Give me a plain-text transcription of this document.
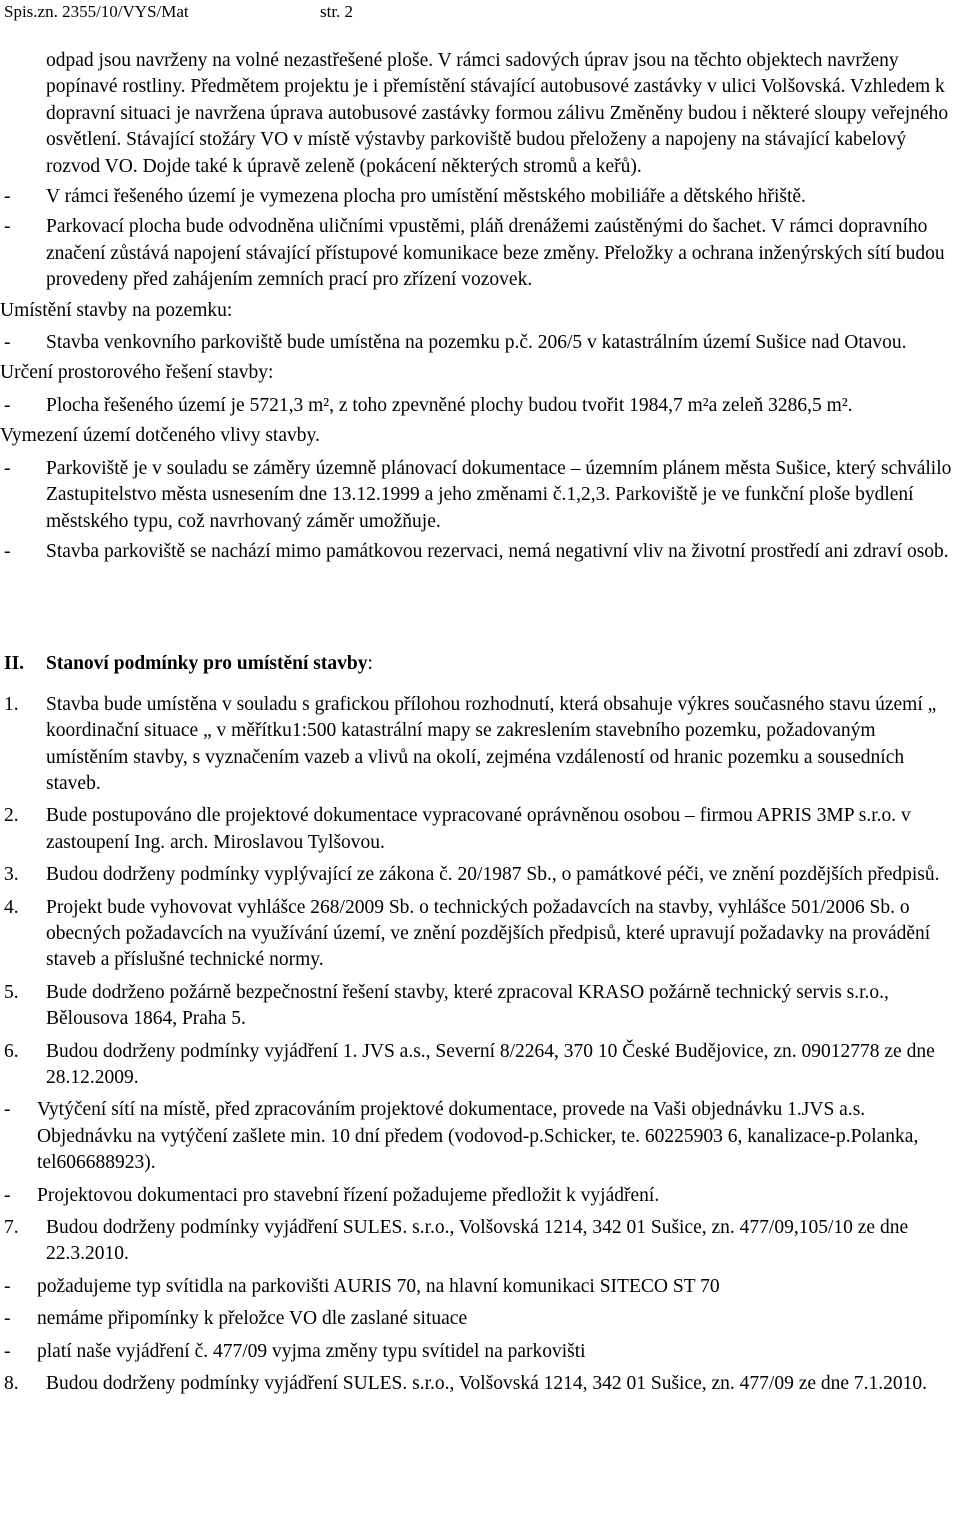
Spis.zn. 2355/10/VYS/Mat	str. 2

odpad jsou navrženy na volné nezastřešené ploše. V rámci sadových úprav jsou na těchto objektech navrženy popínavé rostliny. Předmětem projektu je i přemístění stávající autobusové zastávky v ulici Volšovská. Vzhledem k dopravní situaci je navržena úprava autobusové zastávky formou zálivu Změněny budou i některé sloupy veřejného osvětlení. Stávající stožáry VO v místě výstavby parkoviště budou přeloženy a napojeny na stávající kabelový rozvod VO. Dojde také k úpravě zeleně (pokácení některých stromů a keřů).

- V rámci řešeného území je vymezena plocha pro umístění městského mobiliáře a dětského hřiště.
- Parkovací plocha bude odvodněna uličními vpustěmi, pláň drenážemi zaústěnými do šachet. V rámci dopravního značení zůstává napojení stávající přístupové komunikace beze změny. Přeložky a ochrana inženýrských sítí budou provedeny před zahájením zemních prací pro zřízení vozovek.

Umístění stavby na pozemku:

- Stavba venkovního parkoviště bude umístěna na pozemku p.č. 206/5 v katastrálním území Sušice nad Otavou.

Určení prostorového řešení stavby:

- Plocha řešeného území je 5721,3 m², z toho zpevněné plochy budou tvořit 1984,7 m²a zeleň 3286,5 m².

Vymezení území dotčeného vlivy stavby.

- Parkoviště je v souladu se záměry územně plánovací dokumentace – územním plánem města Sušice, který schválilo Zastupitelstvo města usnesením dne 13.12.1999 a jeho změnami č.1,2,3. Parkoviště je ve funkční ploše bydlení městského typu, což navrhovaný záměr umožňuje.
- Stavba parkoviště se nachází mimo památkovou rezervaci, nemá negativní vliv na životní prostředí ani zdraví osob.
II. Stanoví podmínky pro umístění stavby:
1. Stavba bude umístěna v souladu s grafickou přílohou rozhodnutí, která obsahuje výkres současného stavu území „ koordinační situace „ v měřítku1:500 katastrální mapy se zakreslením stavebního pozemku, požadovaným umístěním stavby, s vyznačením vazeb a vlivů na okolí, zejména vzdáleností od hranic pozemku a sousedních staveb.
2. Bude postupováno dle projektové dokumentace vypracované oprávněnou osobou – firmou APRIS 3MP s.r.o. v zastoupení Ing. arch. Miroslavou Tylšovou.
3. Budou dodrženy podmínky vyplývající ze zákona č. 20/1987 Sb., o památkové péči, ve znění pozdějších předpisů.
4. Projekt bude vyhovovat vyhlášce 268/2009 Sb. o technických požadavcích na stavby, vyhlášce 501/2006 Sb. o obecných požadavcích na využívání území, ve znění pozdějších předpisů, které upravují požadavky na provádění staveb a příslušné technické normy.
5. Bude dodrženo požárně bezpečnostní řešení stavby, které zpracoval KRASO požárně technický servis s.r.o., Bělousova 1864, Praha 5.
6. Budou dodrženy podmínky vyjádření 1. JVS a.s., Severní 8/2264, 370 10 České Budějovice, zn. 09012778 ze dne 28.12.2009.
- Vytýčení sítí na místě, před zpracováním projektové dokumentace, provede na Vaši objednávku 1.JVS a.s. Objednávku na vytýčení zašlete min. 10 dní předem (vodovod-p.Schicker, te. 60225903 6, kanalizace-p.Polanka, tel606688923).
- Projektovou dokumentaci pro stavební řízení požadujeme předložit k vyjádření.
7. Budou dodrženy podmínky vyjádření SULES. s.r.o., Volšovská 1214, 342 01 Sušice, zn. 477/09,105/10 ze dne 22.3.2010.
- požadujeme typ svítidla na parkovišti AURIS 70, na hlavní komunikaci SITECO ST 70
- nemáme připomínky k přeložce VO dle zaslané situace
- platí naše vyjádření č. 477/09 vyjma změny typu svítidel na parkovišti
8. Budou dodrženy podmínky vyjádření SULES. s.r.o., Volšovská 1214, 342 01 Sušice, zn. 477/09 ze dne 7.1.2010.
